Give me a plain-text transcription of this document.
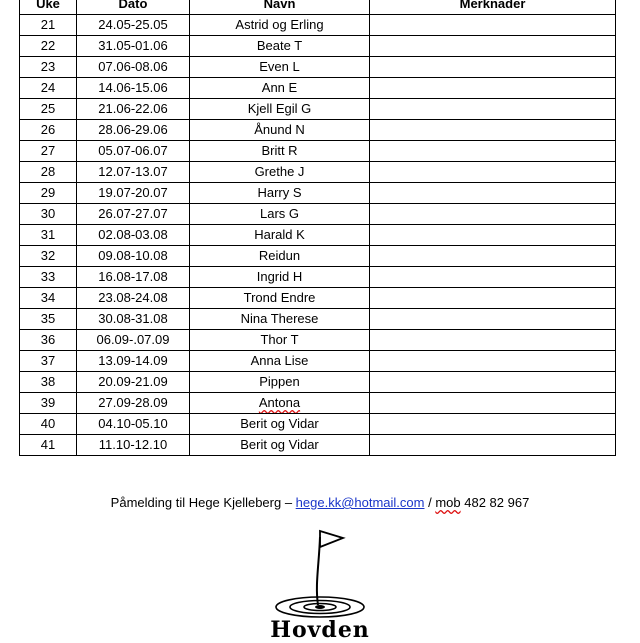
Uke	Dato	Navn	Merknader
21	24.05-25.05	Astrid og Erling	
22	31.05-01.06	Beate T	
23	07.06-08.06	Even L	
24	14.06-15.06	Ann E	
25	21.06-22.06	Kjell Egil G	
26	28.06-29.06	Ånund N	
27	05.07-06.07	Britt R	
28	12.07-13.07	Grethe J	
29	19.07-20.07	Harry S	
30	26.07-27.07	Lars G	
31	02.08-03.08	Harald K	
32	09.08-10.08	Reidun	
33	16.08-17.08	Ingrid H	
34	23.08-24.08	Trond Endre	
35	30.08-31.08	Nina Therese	
36	06.09-.07.09	Thor T	
37	13.09-14.09	Anna Lise	
38	20.09-21.09	Pippen	
39	27.09-28.09	Antona	
40	04.10-05.10	Berit og Vidar	
41	11.10-12.10	Berit og Vidar	
Påmelding til Hege Kjelleberg – hege.kk@hotmail.com / mob 482 82 967
Hovden
